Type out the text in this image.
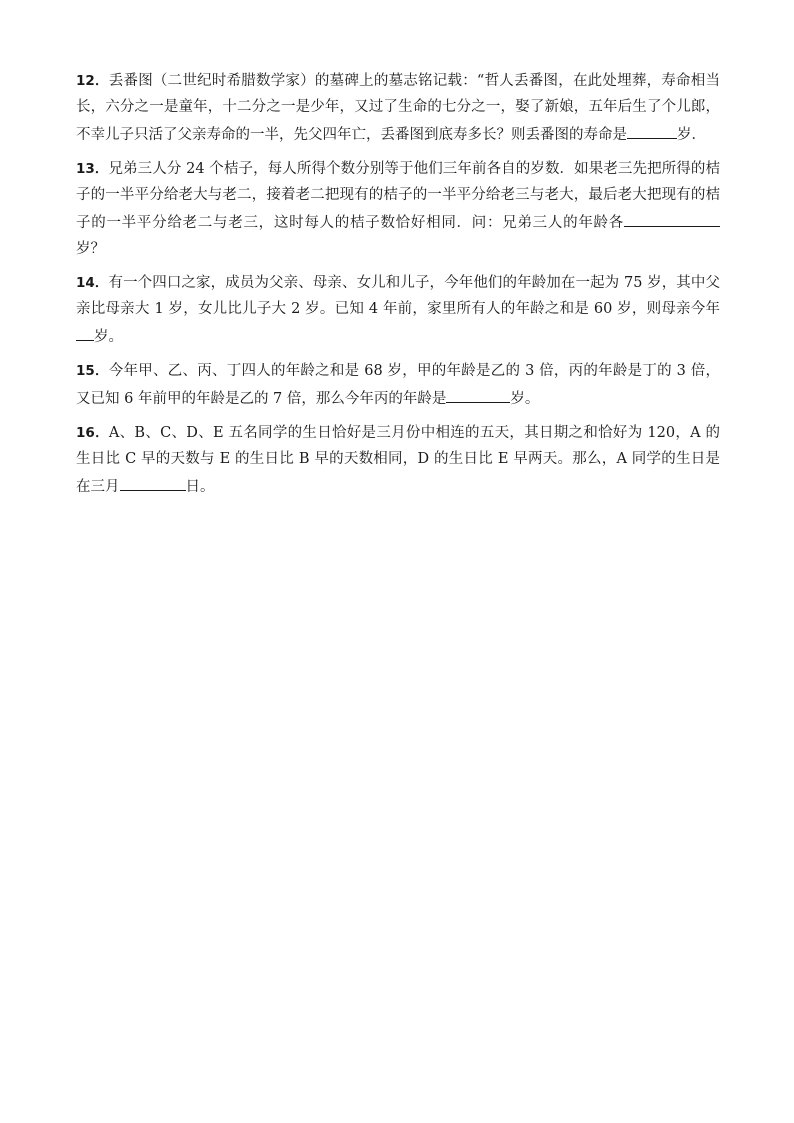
12．丢番图（二世纪时希腊数学家）的墓碑上的墓志铭记载：“哲人丢番图，在此处埋葬，寿命相当长，六分之一是童年，十二分之一是少年，又过了生命的七分之一，娶了新娘，五年后生了个儿郎，不幸儿子只活了父亲寿命的一半，先父四年亡，丢番图到底寿多长？则丢番图的寿命是	岁．

13．兄弟三人分 24 个桔子，每人所得个数分别等于他们三年前各自的岁数．如果老三先把所得的桔子的一半平分给老大与老二，接着老二把现有的桔子的一半平分给老三与老大，最后老大把现有的桔子的一半平分给老二与老三，这时每人的桔子数恰好相同．问：兄弟三人的年龄各岁？

14．有一个四口之家，成员为父亲、母亲、女儿和儿子，今年他们的年龄加在一起为 75 岁，其中父亲比母亲大 1 岁，女儿比儿子大 2 岁。已知 4 年前，家里所有人的年龄之和是 60 岁，则母亲今年岁。

15．今年甲、乙、丙、丁四人的年龄之和是 68 岁，甲的年龄是乙的 3 倍，丙的年龄是丁的 3 倍，又已知 6 年前甲的年龄是乙的 7 倍，那么今年丙的年龄是	岁。

16．A、B、C、D、E 五名同学的生日恰好是三月份中相连的五天，其日期之和恰好为 120，A 的生日比 C 早的天数与 E 的生日比 B 早的天数相同，D 的生日比 E 早两天。那么，A 同学的生日是在三月	日。
